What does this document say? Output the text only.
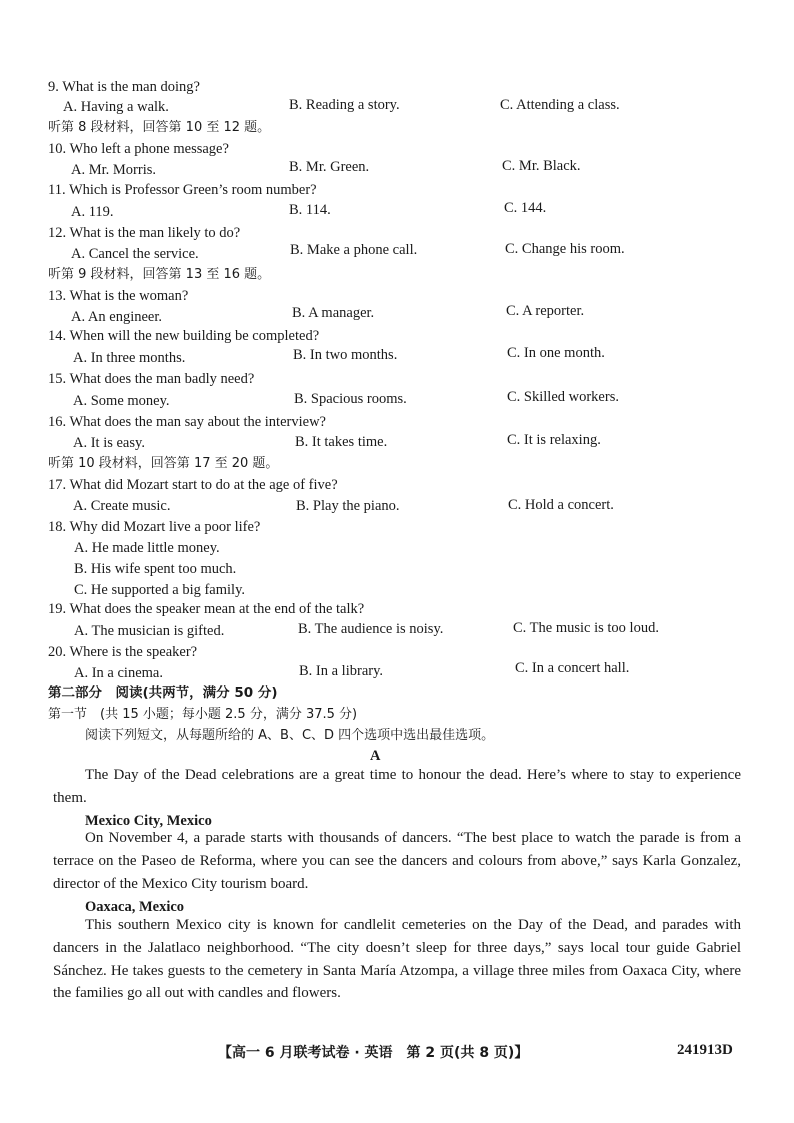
9. What is the man doing?
A. Having a walk.	B. Reading a story.	C. Attending a class.
听第 8 段材料，回答第 10 至 12 题。
10. Who left a phone message?
A. Mr. Morris.	B. Mr. Green.	C. Mr. Black.
11. Which is Professor Green’s room number?
A. 119.	B. 114.	C. 144.
12. What is the man likely to do?
A. Cancel the service.	B. Make a phone call.	C. Change his room.
听第 9 段材料，回答第 13 至 16 题。
13. What is the woman?
A. An engineer.	B. A manager.	C. A reporter.
14. When will the new building be completed?
A. In three months.	B. In two months.	C. In one month.
15. What does the man badly need?
A. Some money.	B. Spacious rooms.	C. Skilled workers.
16. What does the man say about the interview?
A. It is easy.	B. It takes time.	C. It is relaxing.
听第 10 段材料，回答第 17 至 20 题。
17. What did Mozart start to do at the age of five?
A. Create music.	B. Play the piano.	C. Hold a concert.
18. Why did Mozart live a poor life?
A. He made little money.
B. His wife spent too much.
C. He supported a big family.
19. What does the speaker mean at the end of the talk?
A. The musician is gifted.	B. The audience is noisy.	C. The music is too loud.
20. Where is the speaker?
A. In a cinema.	B. In a library.	C. In a concert hall.
第二部分　阅读(共两节，满分 50 分)
第一节　(共 15 小题；每小题 2.5 分，满分 37.5 分)
阅读下列短文，从每题所给的 A、B、C、D 四个选项中选出最佳选项。
A
The Day of the Dead celebrations are a great time to honour the dead. Here’s where to stay to experience them.
Mexico City, Mexico
On November 4, a parade starts with thousands of dancers. “The best place to watch the parade is from a terrace on the Paseo de Reforma, where you can see the dancers and colours from above,” says Karla Gonzalez, director of the Mexico City tourism board.
Oaxaca, Mexico
This southern Mexico city is known for candlelit cemeteries on the Day of the Dead, and parades with dancers in the Jalatlaco neighborhood. “The city doesn’t sleep for three days,” says local tour guide Gabriel Sánchez. He takes guests to the cemetery in Santa María Atzompa, a village three miles from Oaxaca City, where the families go all out with candles and flowers.
【高一 6 月联考试卷 · 英语　第 2 页(共 8 页)】	241913D
